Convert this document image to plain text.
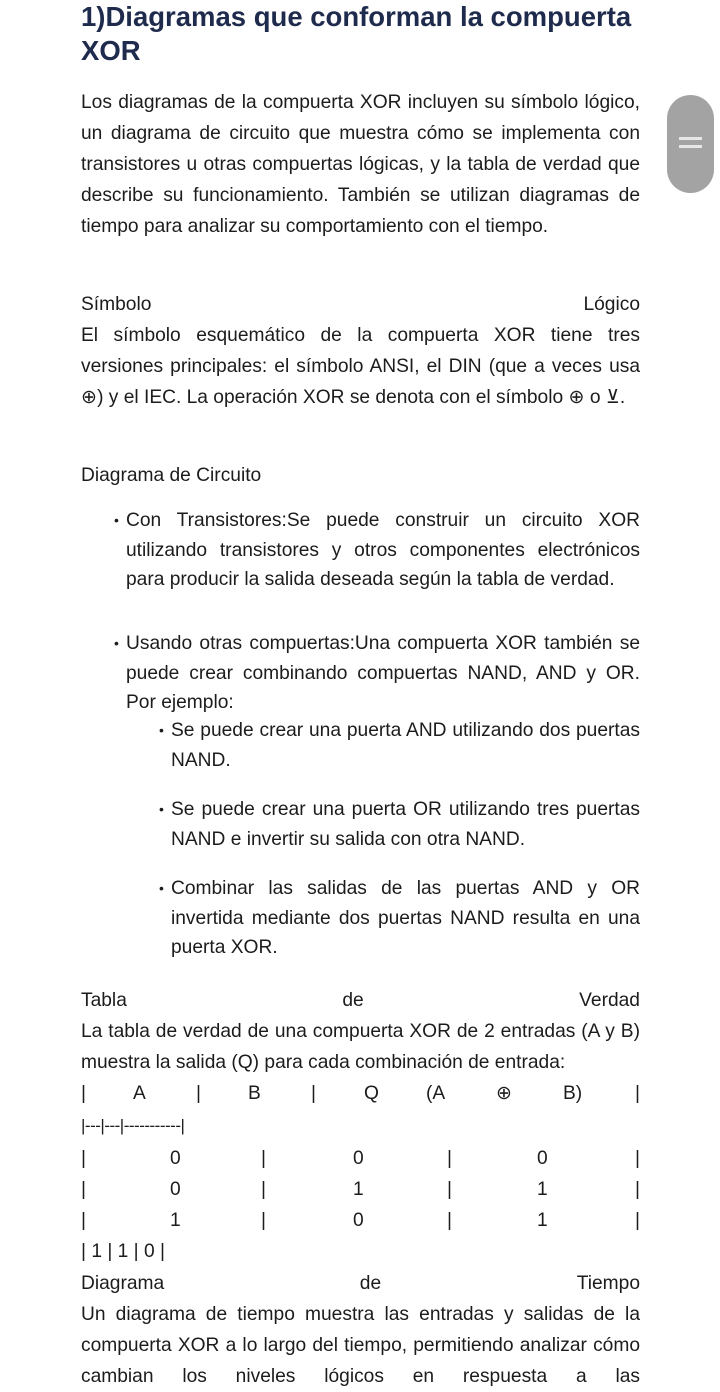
1)Diagramas que conforman la compuerta XOR

Los diagramas de la compuerta XOR incluyen su símbolo lógico, un diagrama de circuito que muestra cómo se implementa con transistores u otras compuertas lógicas, y la tabla de verdad que describe su funcionamiento. También se utilizan diagramas de tiempo para analizar su comportamiento con el tiempo.

Símbolo	Lógico

El símbolo esquemático de la compuerta XOR tiene tres versiones principales: el símbolo ANSI, el DIN (que a veces usa ⊕) y el IEC. La operación XOR se denota con el símbolo ⊕ o ⊻.

Diagrama de Circuito

• Con Transistores:Se puede construir un circuito XOR utilizando transistores y otros componentes electrónicos para producir la salida deseada según la tabla de verdad.
• Usando otras compuertas:Una compuerta XOR también se puede crear combinando compuertas NAND, AND y OR. Por ejemplo:
• Se puede crear una puerta AND utilizando dos puertas NAND.
• Se puede crear una puerta OR utilizando tres puertas NAND e invertir su salida con otra NAND.
• Combinar las salidas de las puertas AND y OR invertida mediante dos puertas NAND resulta en una puerta XOR.
Tabla	de	Verdad

La tabla de verdad de una compuerta XOR de 2 entradas (A y B) muestra la salida (Q) para cada combinación de entrada:

| A	| B	|	Q (A	⊕	B)	|
|---|---|-----------|
|	0	|	0	|	0	|
|	0	|	1	|	1	|
|	1	|	0	|	1	|
| 1 | 1 | 0 |
Diagrama	de	Tiempo

Un diagrama de tiempo muestra las entradas y salidas de la compuerta XOR a lo largo del tiempo, permitiendo analizar cómo cambian los niveles lógicos en respuesta a las
